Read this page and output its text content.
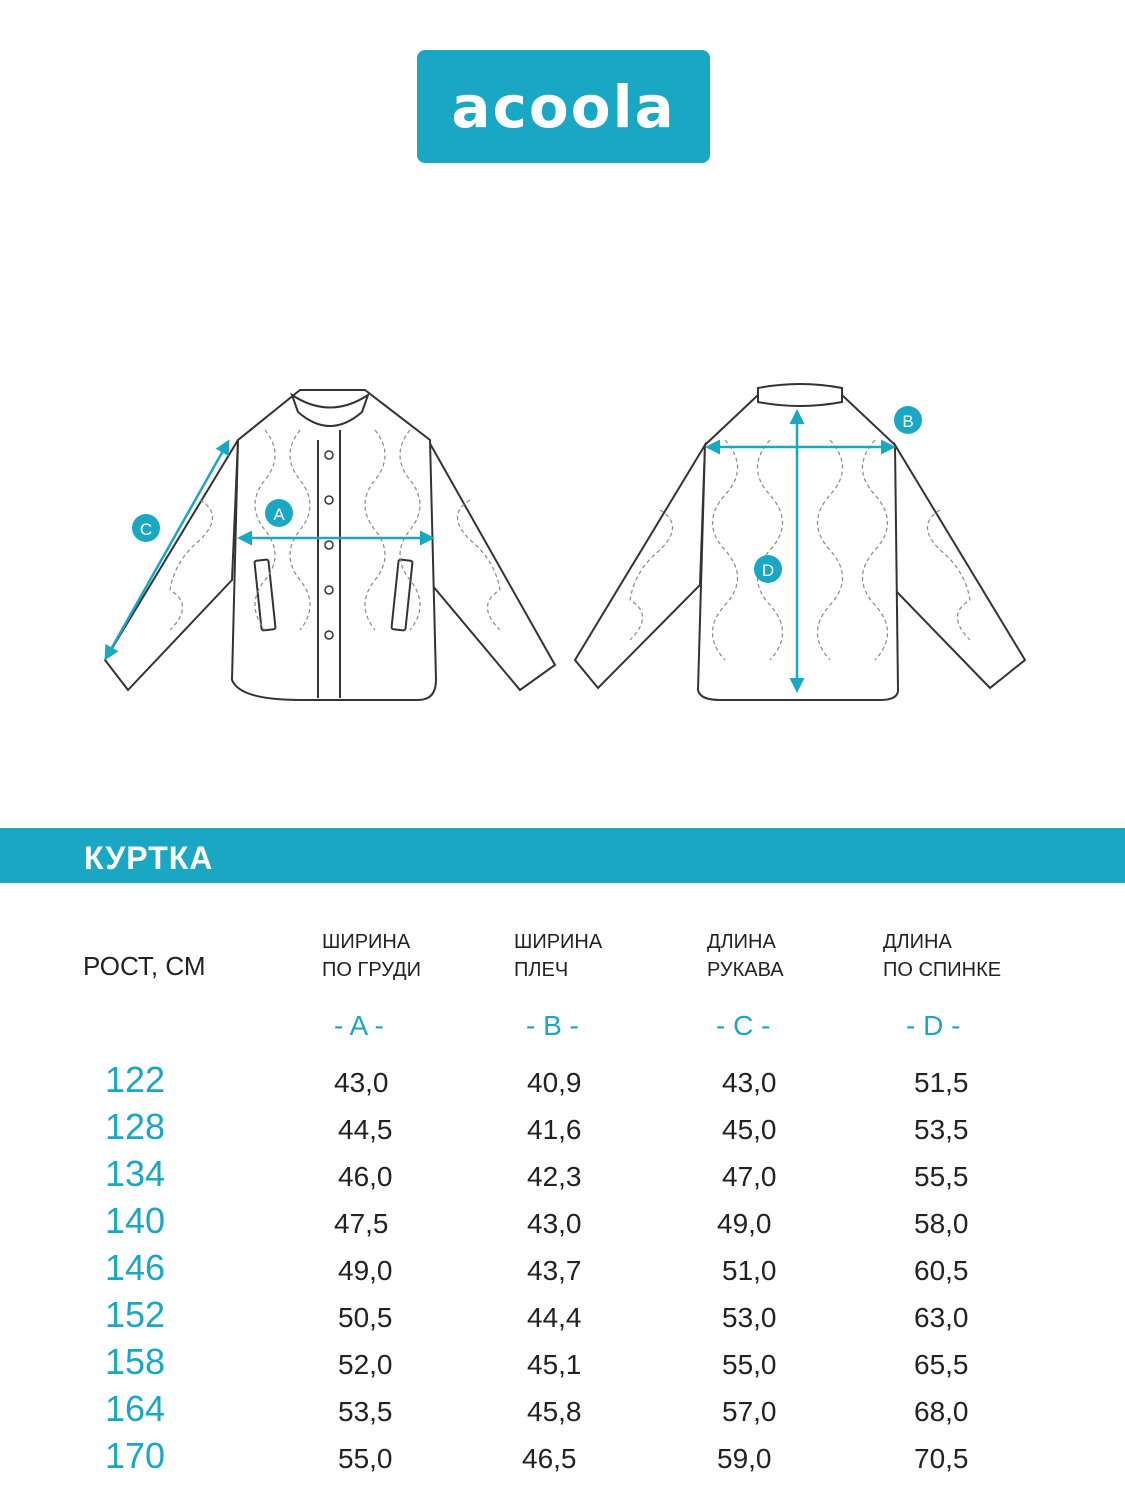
acoola
A
C
B
D
КУРТКА
РОСТ, СМ
ШИРИНА
ПО ГРУДИ
ШИРИНА
ПЛЕЧ
ДЛИНА
РУКАВА
ДЛИНА
ПО СПИНКЕ
- A -	- B -	- C -	- D -
122	43,0	40,9	43,0	51,5
128	44,5	41,6	45,0	53,5
134	46,0	42,3	47,0	55,5
140	47,5	43,0	49,0	58,0
146	49,0	43,7	51,0	60,5
152	50,5	44,4	53,0	63,0
158	52,0	45,1	55,0	65,5
164	53,5	45,8	57,0	68,0
170	55,0	46,5	59,0	70,5
